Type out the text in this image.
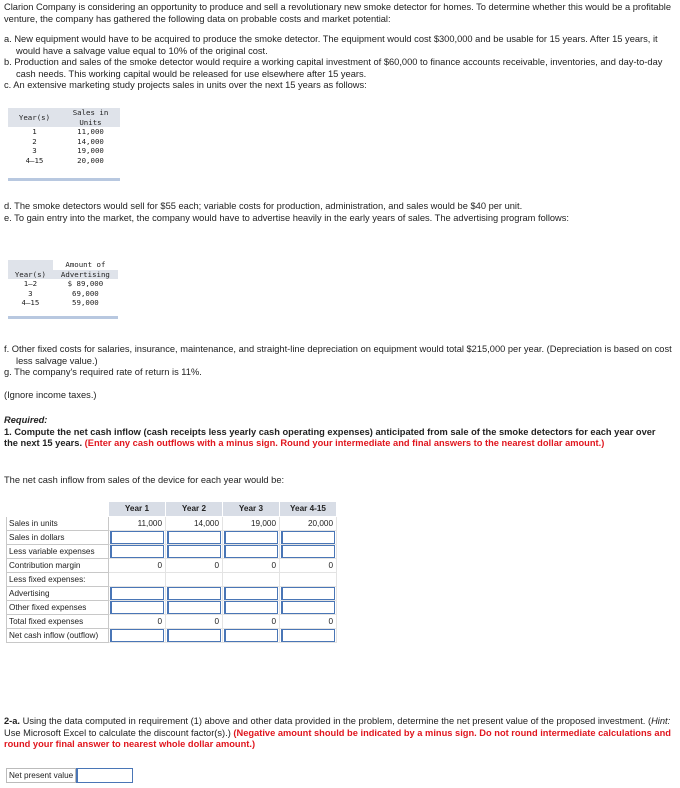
Clarion Company is considering an opportunity to produce and sell a revolutionary new smoke detector for homes. To determine whether this would be a profitable venture, the company has gathered the following data on probable costs and market potential:

a. New equipment would have to be acquired to produce the smoke detector. The equipment would cost $300,000 and be usable for 15 years. After 15 years, it would have a salvage value equal to 10% of the original cost.

b. Production and sales of the smoke detector would require a working capital investment of $60,000 to finance accounts receivable, inventories, and day-to-day cash needs. This working capital would be released for use elsewhere after 15 years.

c. An extensive marketing study projects sales in units over the next 15 years as follows:

Year(s)	Sales in
	Units
1	11,000
2	14,000
3	19,000
4–15	20,000

d. The smoke detectors would sell for $55 each; variable costs for production, administration, and sales would be $40 per unit.

e. To gain entry into the market, the company would have to advertise heavily in the early years of sales. The advertising program follows:

	Amount of
Year(s)	Advertising
1–2	$ 89,000
3	69,000
4–15	59,000

f. Other fixed costs for salaries, insurance, maintenance, and straight-line depreciation on equipment would total $215,000 per year. (Depreciation is based on cost less salvage value.)

g. The company's required rate of return is 11%.

(Ignore income taxes.)

Required:

1. Compute the net cash inflow (cash receipts less yearly cash operating expenses) anticipated from sale of the smoke detectors for each year over the next 15 years. (Enter any cash outflows with a minus sign. Round your intermediate and final answers to the nearest dollar amount.)

The net cash inflow from sales of the device for each year would be:

	Year 1	Year 2	Year 3	Year 4-15
Sales in units	11,000	14,000	19,000	20,000
Sales in dollars	

Less variable expenses	

Contribution margin	0	0	0	0
Less fixed expenses:				
Advertising	

Other fixed expenses	

Total fixed expenses	0	0	0	0
Net cash inflow (outflow)	

2-a. Using the data computed in requirement (1) above and other data provided in the problem, determine the net present value of the proposed investment. (Hint: Use Microsoft Excel to calculate the discount factor(s).) (Negative amount should be indicated by a minus sign. Do not round intermediate calculations and round your final answer to nearest whole dollar amount.)

Net present value
